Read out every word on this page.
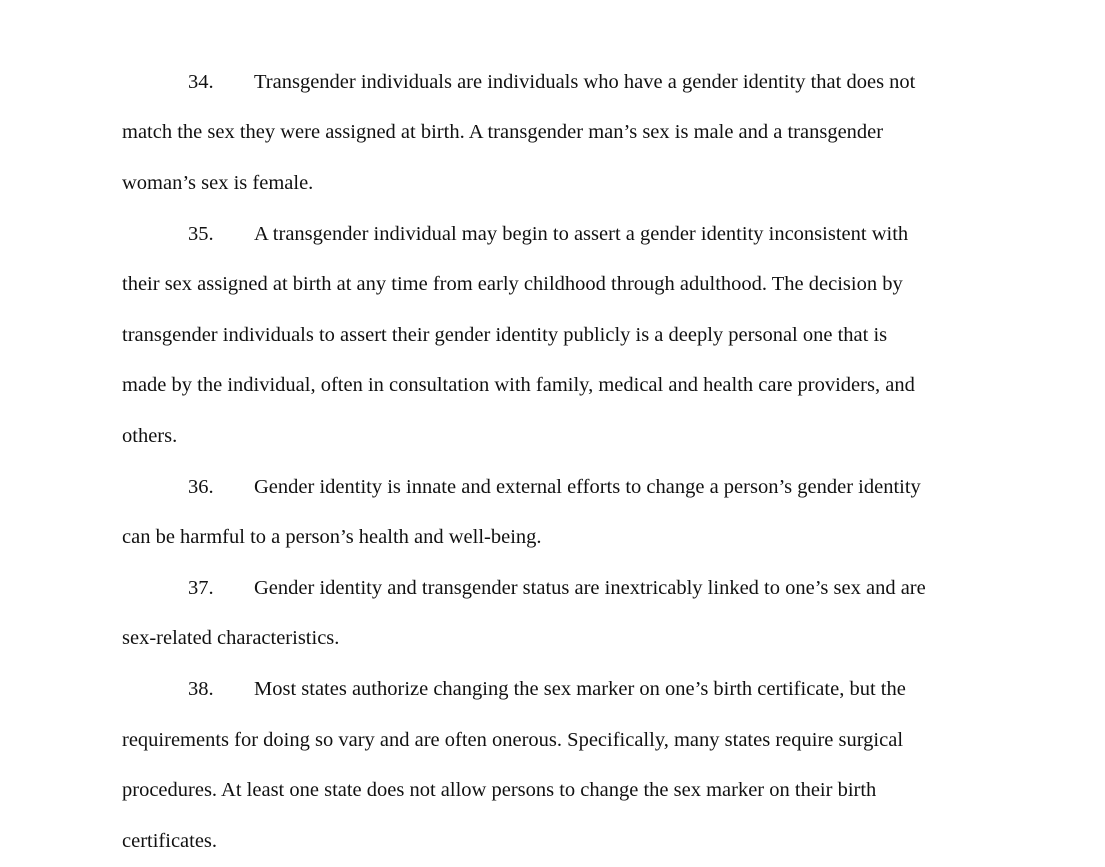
34. Transgender individuals are individuals who have a gender identity that does not
match the sex they were assigned at birth. A transgender man’s sex is male and a transgender
woman’s sex is female.
35. A transgender individual may begin to assert a gender identity inconsistent with
their sex assigned at birth at any time from early childhood through adulthood. The decision by
transgender individuals to assert their gender identity publicly is a deeply personal one that is
made by the individual, often in consultation with family, medical and health care providers, and
others.
36. Gender identity is innate and external efforts to change a person’s gender identity
can be harmful to a person’s health and well-being.
37. Gender identity and transgender status are inextricably linked to one’s sex and are
sex-related characteristics.
38. Most states authorize changing the sex marker on one’s birth certificate, but the
requirements for doing so vary and are often onerous. Specifically, many states require surgical
procedures. At least one state does not allow persons to change the sex marker on their birth
certificates.
